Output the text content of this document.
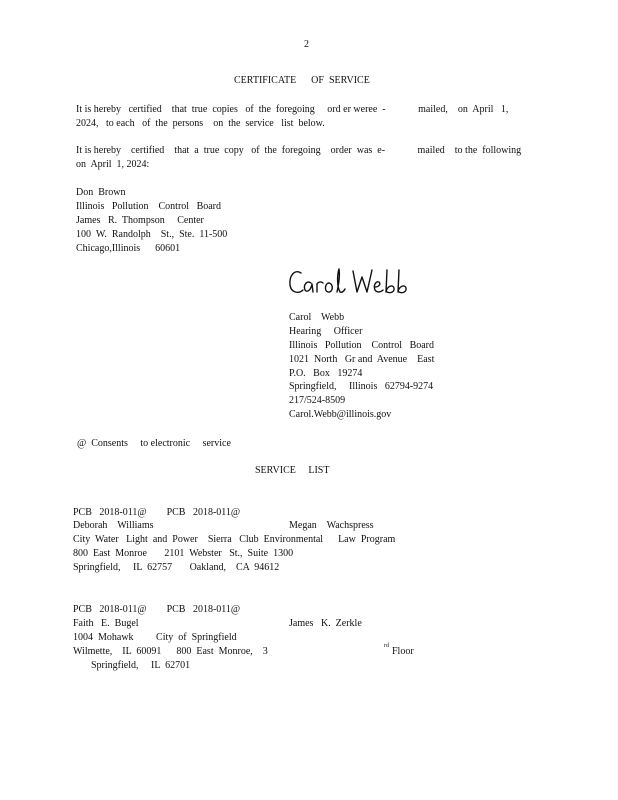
2
CERTIFICATE      OF  SERVICE
It is hereby   certified    that  true  copies   of  the  foregoing     ord er weree  -             mailed,    on  April   1,
2024,   to each   of  the  persons    on  the  service   list  below.
It is hereby    certified    that  a  true  copy   of  the  foregoing    order  was  e-             mailed    to the  following
on  April  1, 2024:
Don  Brown
Illinois   Pollution    Control   Board
James   R.  Thompson     Center
100  W.  Randolph    St.,  Ste.  11-500
Chicago,Illinois      60601
Carol    Webb
Hearing     Officer
Illinois   Pollution    Control   Board
1021  North   Gr and  Avenue    East
P.O.   Box   19274
Springfield,     Illinois   62794-9274
217/524-8509
Carol.Webb@illinois.gov
@  Consents     to electronic     service
SERVICE     LIST
PCB   2018-011@        PCB   2018-011@
Deborah    Williams	Megan    Wachspress
City  Water   Light  and  Power    Sierra   Club  Environmental      Law  Program
800  East  Monroe       2101  Webster   St.,  Suite  1300
Springfield,     IL  62757       Oakland,    CA  94612
PCB   2018-011@        PCB   2018-011@
Faith   E.  Bugel	James   K.  Zerkle
1004  Mohawk         City  of  Springfield
Wilmette,    IL  60091      800  East  Monroe,    3	rd Floor
Springfield,     IL  62701
